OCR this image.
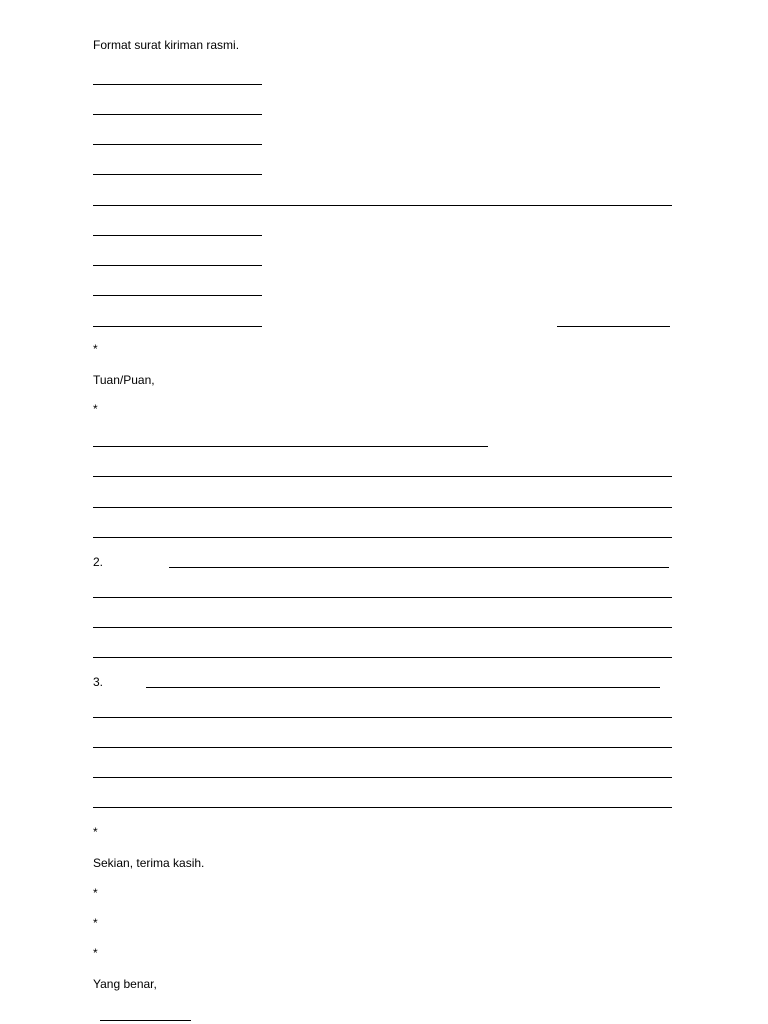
Format surat kiriman rasmi.
*
Tuan/Puan,
*
2.
3.
*
Sekian, terima kasih.
*
*
*
Yang benar,
